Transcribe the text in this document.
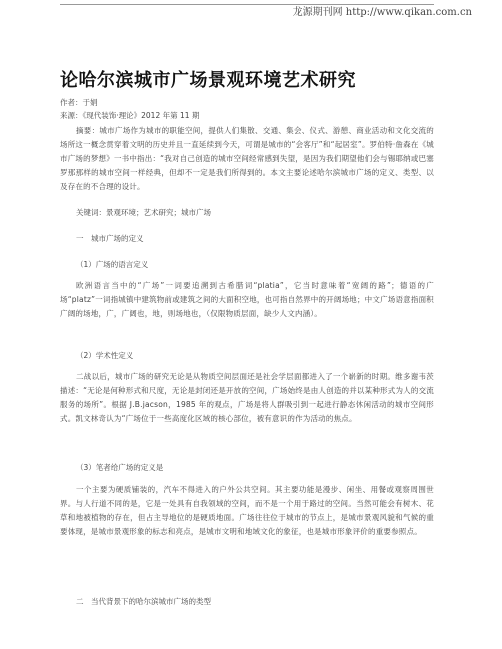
龙源期刊网 http://www.qikan.com.cn
论哈尔滨城市广场景观环境艺术研究
作者：于娟
来源：《现代装饰·理论》2012 年第 11 期
摘要：城市广场作为城市的职能空间，提供人们集散、交通、集会、仪式、游憩、商业活动和文化交流的场所这一概念贯穿着文明的历史并且一直延续到今天，可谓是城市的“会客厅”和“起居室”。罗伯特·詹森在《城市广场的梦想》一书中指出：“我对自己创造的城市空间经常感到失望，是因为我们期望他们会与锡耶纳或巴塞罗那那样的城市空间一样经典，但却不一定是我们所得到的。本文主要论述哈尔滨城市广场的定义、类型、以及存在的不合理的设计。
关键词：景观环境；艺术研究；城市广场
一　城市广场的定义
（1）广场的语言定义
欧洲语言当中的“广场”一词要追溯到古希腊词“platia”，它当时意味着“宽阔的路”；德语的广场“platz”一词指城镇中建筑物前或建筑之间的大面积空地，也可指自然界中的开阔场地；中文广场语意指面积广阔的场地，广，广阔也，地，则场地也，（仅限物质层面，缺少人文内涵）。
（2）学术性定义
二战以后，城市广场的研究无论是从物质空间层面还是社会学层面都进入了一个崭新的时期。维多谢韦茨描述：“无论是何种形式和尺度，无论是封闭还是开放的空间，广场始终是由人创造的并以某种形式为人的交流服务的场所”。根据 J.B.jacson，1985 年的观点，广场是将人群吸引到一起进行静态休闲活动的城市空间形式。凯文林奇认为“广场位于一些高度化区域的核心部位，被有意识的作为活动的焦点。
（3）笔者给广场的定义是
一个主要为硬质铺装的，汽车不得进入的户外公共空间。其主要功能是漫步、闲坐、用餐或观察周围世界。与人行道不同的是，它是一处具有自我领域的空间，而不是一个用于路过的空间。当然可能会有树木、花草和地被植物的存在，但占主导地位的是硬质地面。广场往往位于城市的节点上，是城市景观风貌和气候的重要体现，是城市景观形象的标志和亮点，是城市文明和地域文化的象征，也是城市形象评价的重要参照点。
二　当代背景下的哈尔滨城市广场的类型
